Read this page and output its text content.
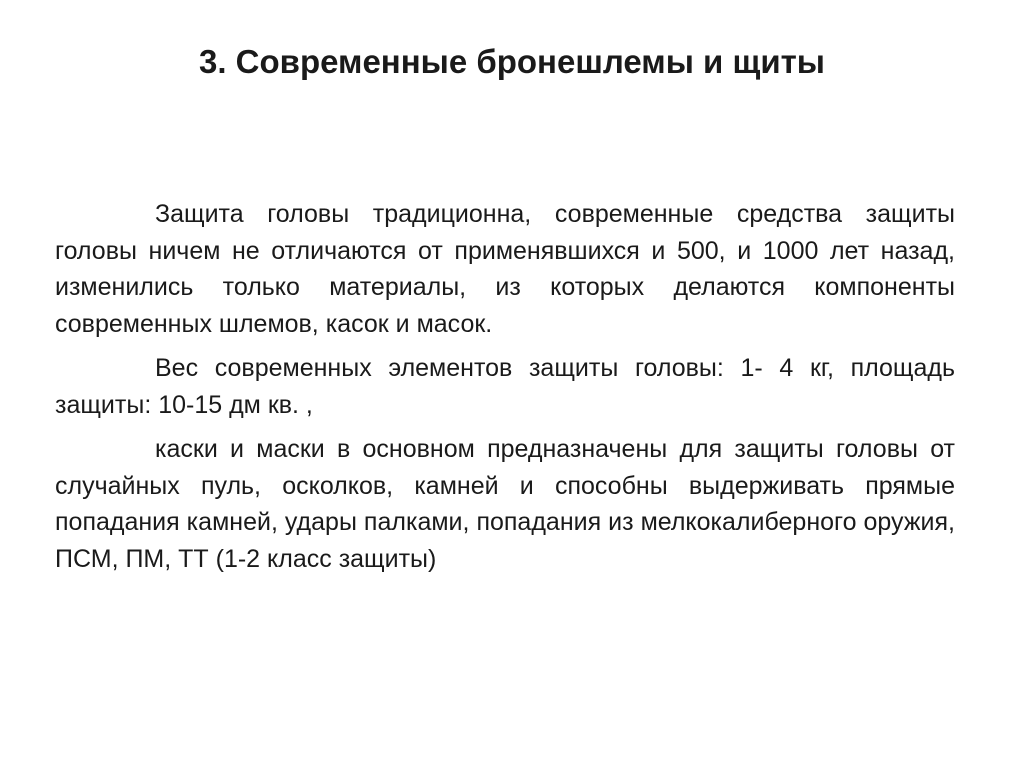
3. Современные бронешлемы и щиты

Защита головы традиционна, современные средства защиты головы ничем не отличаются от применявшихся и 500, и 1000 лет назад, изменились только материалы, из которых делаются компоненты современных шлемов, касок и масок.

Вес современных элементов защиты головы: 1- 4 кг, площадь защиты: 10-15 дм кв. ,

каски и маски в основном предназначены для защиты головы от случайных пуль, осколков, камней и способны выдерживать прямые попадания камней, удары палками, попадания из мелкокалиберного оружия, ПСМ, ПМ, ТТ (1-2 класс защиты)
